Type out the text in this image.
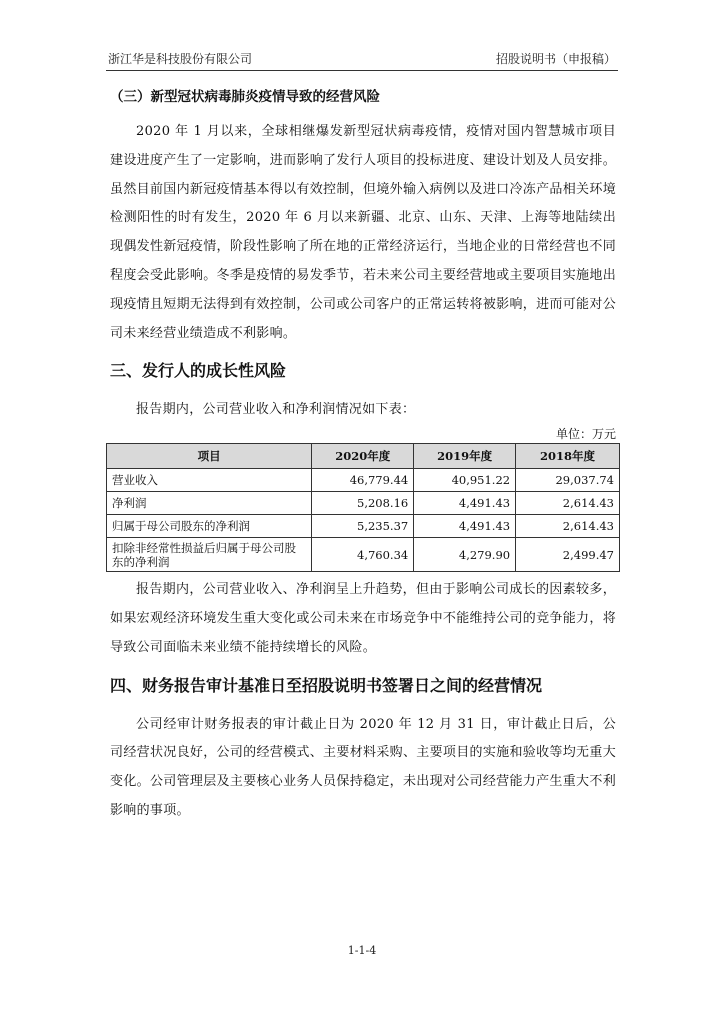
浙江华是科技股份有限公司	招股说明书（申报稿）
（三）新型冠状病毒肺炎疫情导致的经营风险

2020 年 1 月以来，全球相继爆发新型冠状病毒疫情，疫情对国内智慧城市项目建设进度产生了一定影响，进而影响了发行人项目的投标进度、建设计划及人员安排。虽然目前国内新冠疫情基本得以有效控制，但境外输入病例以及进口冷冻产品相关环境检测阳性的时有发生，2020 年 6 月以来新疆、北京、山东、天津、上海等地陆续出现偶发性新冠疫情，阶段性影响了所在地的正常经济运行，当地企业的日常经营也不同程度会受此影响。冬季是疫情的易发季节，若未来公司主要经营地或主要项目实施地出现疫情且短期无法得到有效控制，公司或公司客户的正常运转将被影响，进而可能对公司未来经营业绩造成不利影响。

三、发行人的成长性风险

报告期内，公司营业收入和净利润情况如下表：

单位：万元
项目	2020年度	2019年度	2018年度
营业收入	46,779.44	40,951.22	29,037.74
净利润	5,208.16	4,491.43	2,614.43
归属于母公司股东的净利润	5,235.37	4,491.43	2,614.43
扣除非经常性损益后归属于母公司股东的净利润	4,760.34	4,279.90	2,499.47

报告期内，公司营业收入、净利润呈上升趋势，但由于影响公司成长的因素较多，如果宏观经济环境发生重大变化或公司未来在市场竞争中不能维持公司的竞争能力，将导致公司面临未来业绩不能持续增长的风险。

四、财务报告审计基准日至招股说明书签署日之间的经营情况

公司经审计财务报表的审计截止日为 2020 年 12 月 31 日，审计截止日后，公司经营状况良好，公司的经营模式、主要材料采购、主要项目的实施和验收等均无重大变化。公司管理层及主要核心业务人员保持稳定，未出现对公司经营能力产生重大不利影响的事项。

1-1-4
